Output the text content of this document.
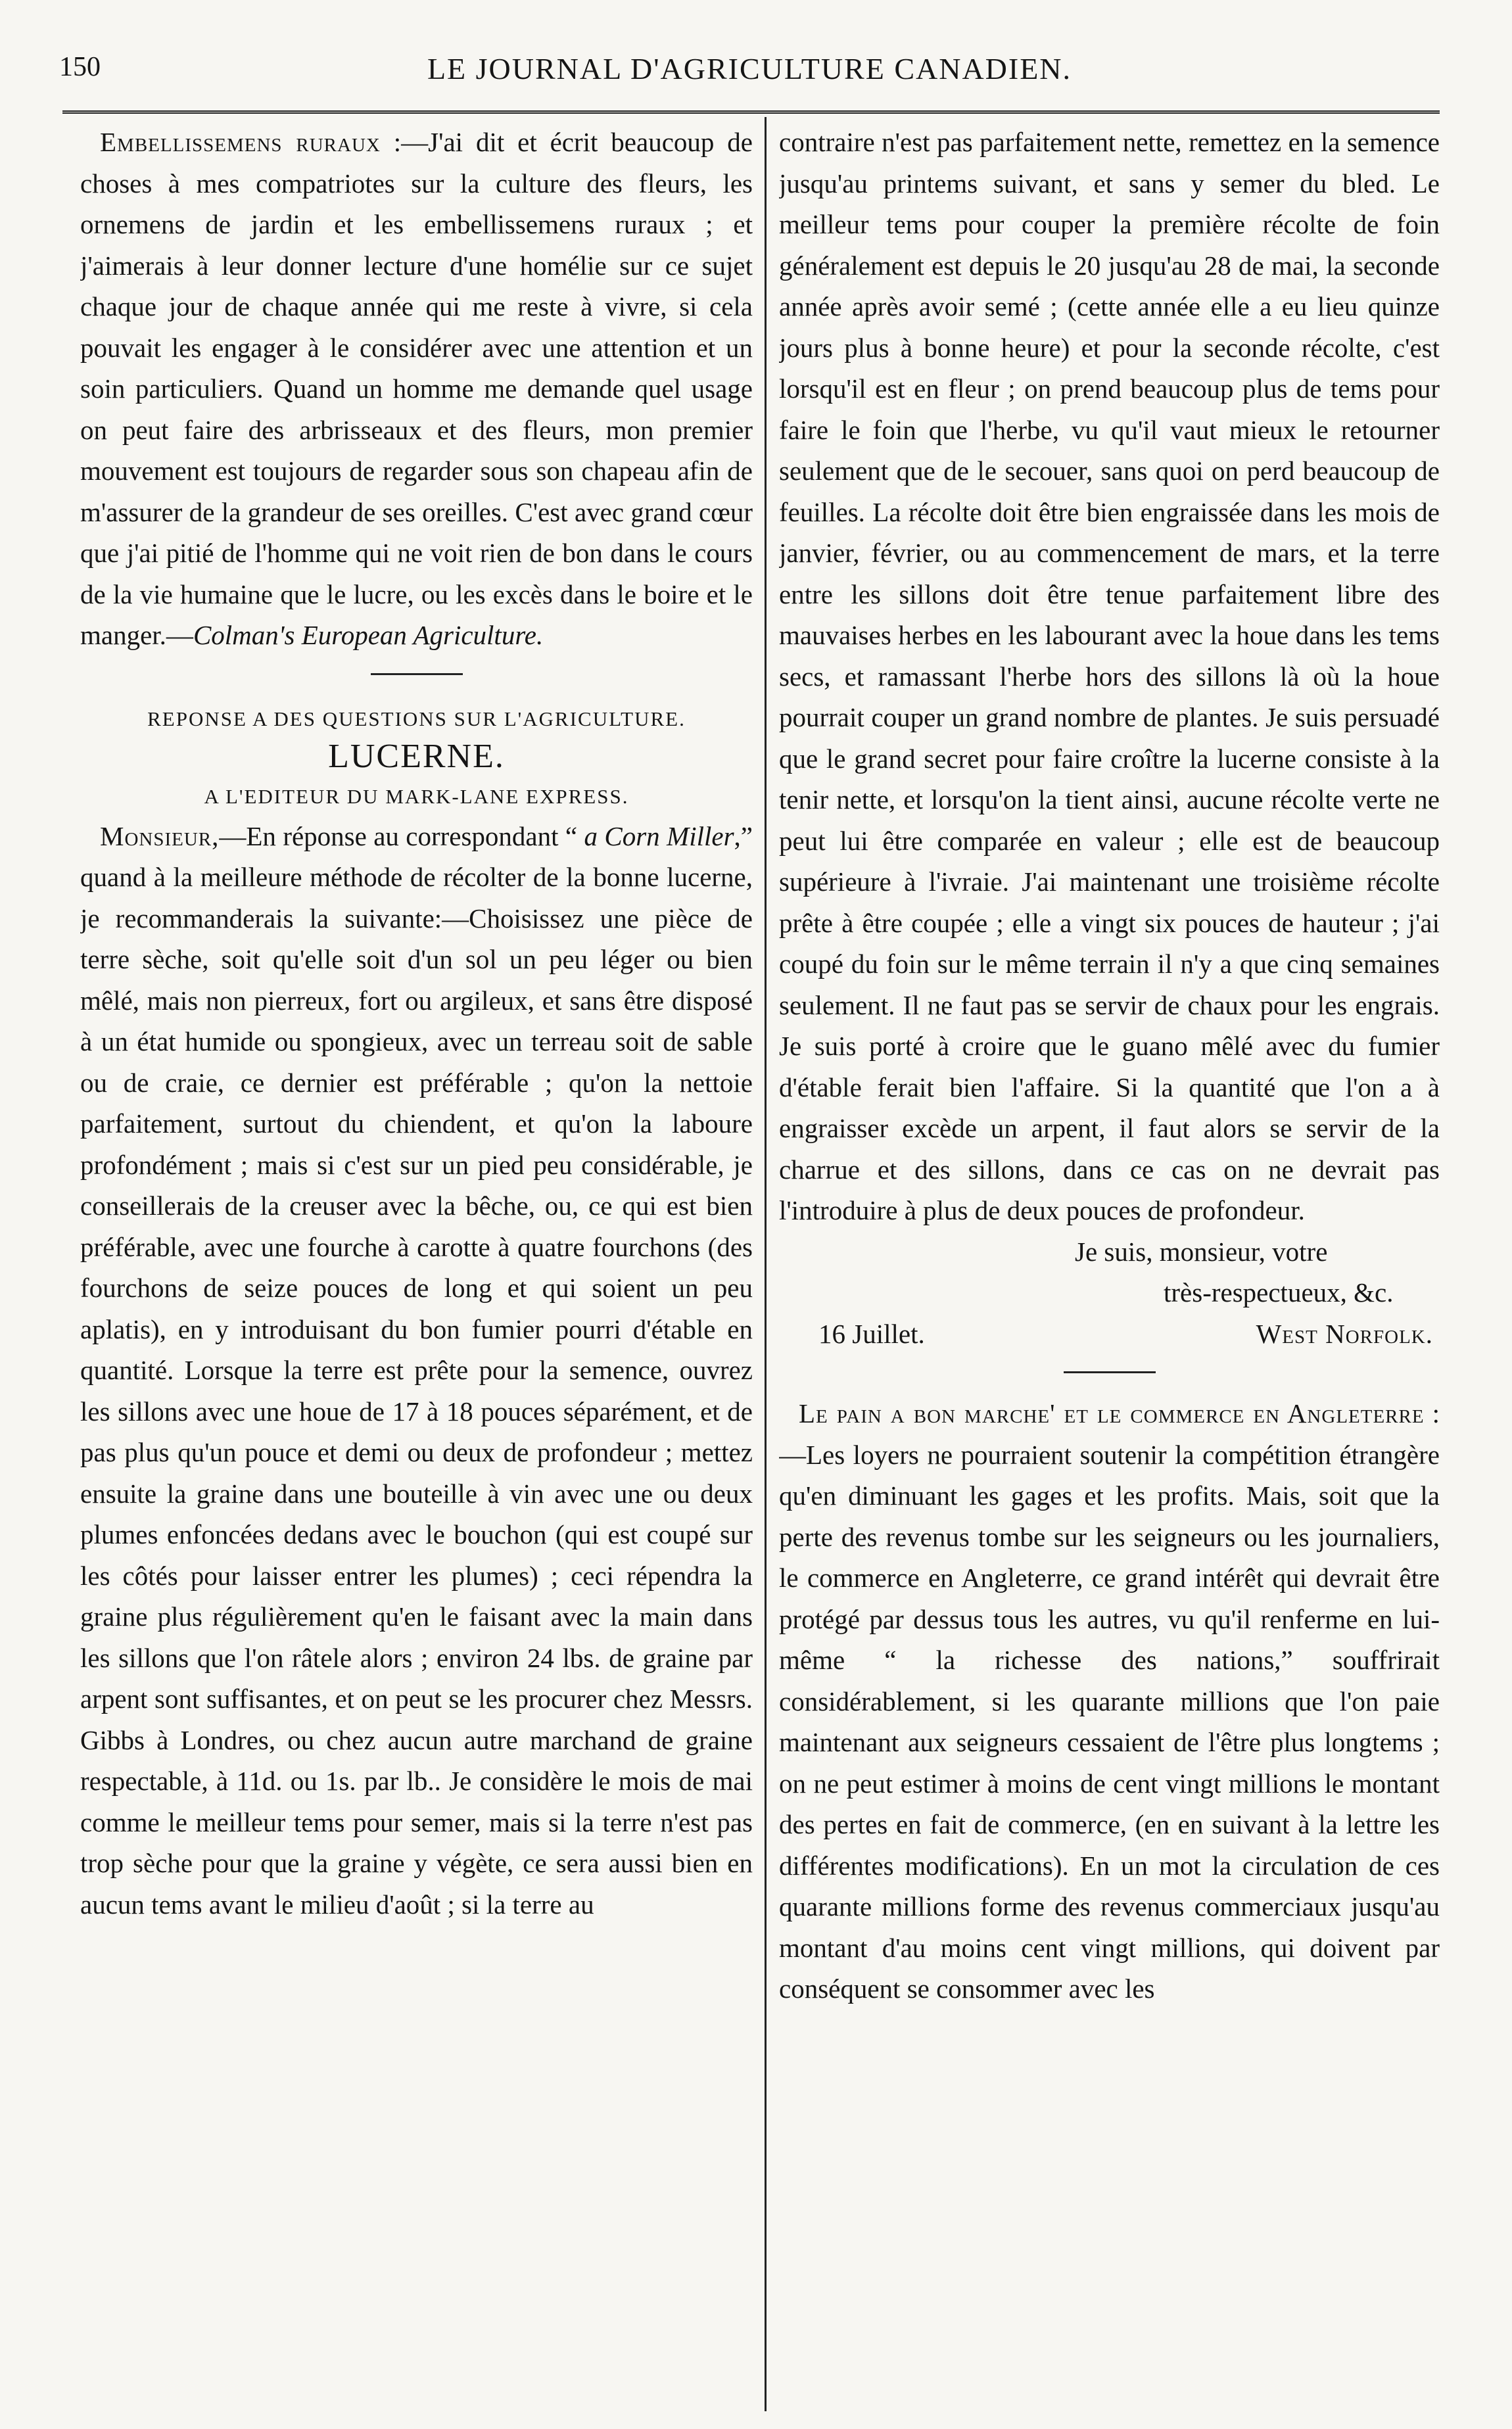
150	LE JOURNAL D'AGRICULTURE CANADIEN.

Embellissemens ruraux :—J'ai dit et écrit beaucoup de choses à mes compatriotes sur la culture des fleurs, les ornemens de jardin et les embellissemens ruraux ; et j'aimerais à leur donner lecture d'une homélie sur ce sujet chaque jour de chaque année qui me reste à vivre, si cela pouvait les engager à le considérer avec une attention et un soin particuliers. Quand un homme me demande quel usage on peut faire des arbrisseaux et des fleurs, mon premier mouvement est toujours de regarder sous son chapeau afin de m'assurer de la grandeur de ses oreilles. C'est avec grand cœur que j'ai pitié de l'homme qui ne voit rien de bon dans le cours de la vie humaine que le lucre, ou les excès dans le boire et le manger.—Colman's European Agriculture.

REPONSE A DES QUESTIONS SUR L'AGRICULTURE.
LUCERNE.
A L'EDITEUR DU MARK-LANE EXPRESS.

Monsieur,—En réponse au correspondant “ a Corn Miller,” quand à la meilleure méthode de récolter de la bonne lucerne, je recommanderais la suivante:—Choisissez une pièce de terre sèche, soit qu'elle soit d'un sol un peu léger ou bien mêlé, mais non pierreux, fort ou argileux, et sans être disposé à un état humide ou spongieux, avec un terreau soit de sable ou de craie, ce dernier est préférable ; qu'on la nettoie parfaitement, surtout du chiendent, et qu'on la laboure profondément ; mais si c'est sur un pied peu considérable, je conseillerais de la creuser avec la bêche, ou, ce qui est bien préférable, avec une fourche à carotte à quatre fourchons (des fourchons de seize pouces de long et qui soient un peu aplatis), en y introduisant du bon fumier pourri d'étable en quantité. Lorsque la terre est prête pour la semence, ouvrez les sillons avec une houe de 17 à 18 pouces séparément, et de pas plus qu'un pouce et demi ou deux de profondeur ; mettez ensuite la graine dans une bouteille à vin avec une ou deux plumes enfoncées dedans avec le bouchon (qui est coupé sur les côtés pour laisser entrer les plumes) ; ceci répendra la graine plus régulièrement qu'en le faisant avec la main dans les sillons que l'on râtele alors ; environ 24 lbs. de graine par arpent sont suffisantes, et on peut se les procurer chez Messrs. Gibbs à Londres, ou chez aucun autre marchand de graine respectable, à 11d. ou 1s. par lb.. Je considère le mois de mai comme le meilleur tems pour semer, mais si la terre n'est pas trop sèche pour que la graine y végète, ce sera aussi bien en aucun tems avant le milieu d'août ; si la terre au

contraire n'est pas parfaitement nette, remettez en la semence jusqu'au printems suivant, et sans y semer du bled. Le meilleur tems pour couper la première récolte de foin généralement est depuis le 20 jusqu'au 28 de mai, la seconde année après avoir semé ; (cette année elle a eu lieu quinze jours plus à bonne heure) et pour la seconde récolte, c'est lorsqu'il est en fleur ; on prend beaucoup plus de tems pour faire le foin que l'herbe, vu qu'il vaut mieux le retourner seulement que de le secouer, sans quoi on perd beaucoup de feuilles. La récolte doit être bien engraissée dans les mois de janvier, février, ou au commencement de mars, et la terre entre les sillons doit être tenue parfaitement libre des mauvaises herbes en les labourant avec la houe dans les tems secs, et ramassant l'herbe hors des sillons là où la houe pourrait couper un grand nombre de plantes. Je suis persuadé que le grand secret pour faire croître la lucerne consiste à la tenir nette, et lorsqu'on la tient ainsi, aucune récolte verte ne peut lui être comparée en valeur ; elle est de beaucoup supérieure à l'ivraie. J'ai maintenant une troisième récolte prête à être coupée ; elle a vingt six pouces de hauteur ; j'ai coupé du foin sur le même terrain il n'y a que cinq semaines seulement. Il ne faut pas se servir de chaux pour les engrais. Je suis porté à croire que le guano mêlé avec du fumier d'étable ferait bien l'affaire. Si la quantité que l'on a à engraisser excède un arpent, il faut alors se servir de la charrue et des sillons, dans ce cas on ne devrait pas l'introduire à plus de deux pouces de profondeur.

Je suis, monsieur, votre

très-respectueux, &c.

16 Juillet.	West Norfolk.

Le pain a bon marche' et le commerce en Angleterre :—Les loyers ne pourraient soutenir la compétition étrangère qu'en diminuant les gages et les profits. Mais, soit que la perte des revenus tombe sur les seigneurs ou les journaliers, le commerce en Angleterre, ce grand intérêt qui devrait être protégé par dessus tous les autres, vu qu'il renferme en lui-même “ la richesse des nations,” souffrirait considérablement, si les quarante millions que l'on paie maintenant aux seigneurs cessaient de l'être plus longtems ; on ne peut estimer à moins de cent vingt millions le montant des pertes en fait de commerce, (en en suivant à la lettre les différentes modifications). En un mot la circulation de ces quarante millions forme des revenus commerciaux jusqu'au montant d'au moins cent vingt millions, qui doivent par conséquent se consommer avec les
